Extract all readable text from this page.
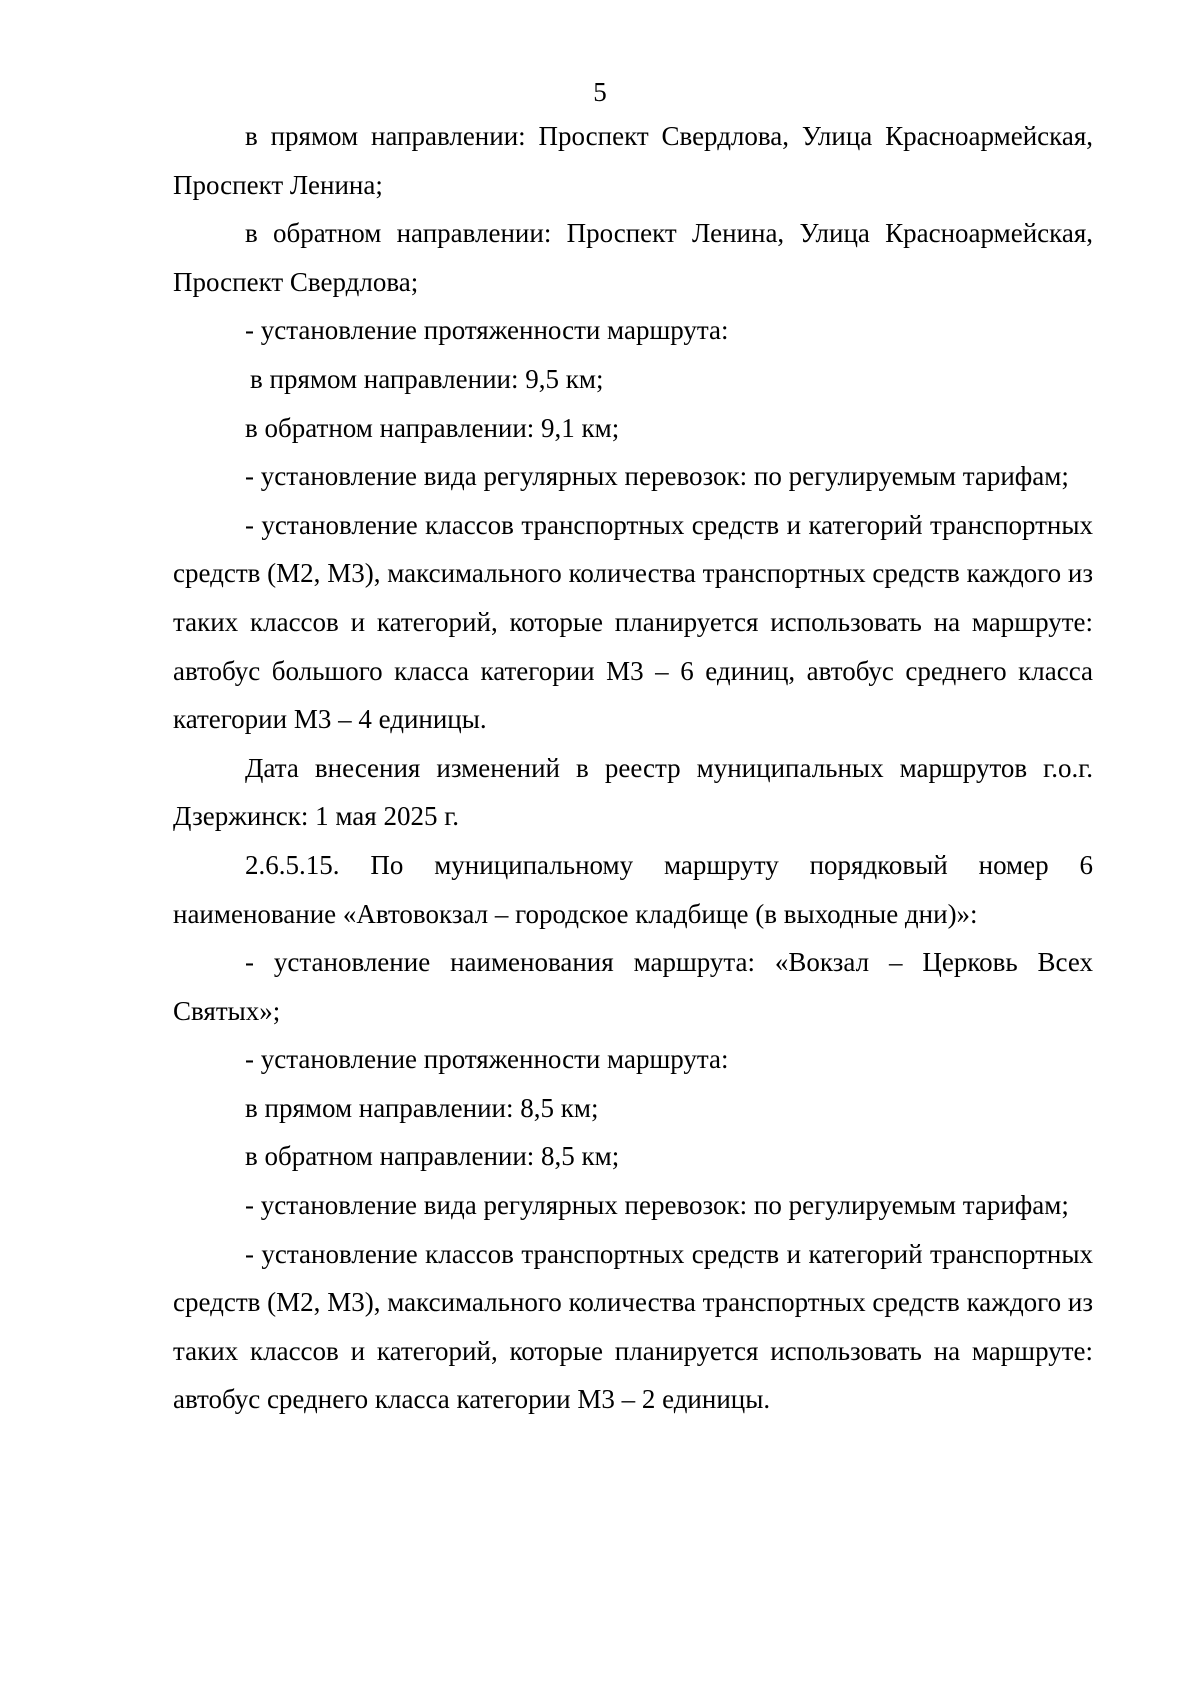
5

в прямом направлении: Проспект Свердлова, Улица Красноармейская, Проспект Ленина;

в обратном направлении: Проспект Ленина, Улица Красноармейская, Проспект Свердлова;

- установление протяженности маршрута:

в прямом направлении: 9,5 км;

в обратном направлении: 9,1 км;

- установление вида регулярных перевозок: по регулируемым тарифам;

- установление классов транспортных средств и категорий транспортных средств (М2, М3), максимального количества транспортных средств каждого из таких классов и категорий, которые планируется использовать на маршруте: автобус большого класса категории М3 – 6 единиц, автобус среднего класса категории М3 – 4 единицы.

Дата внесения изменений в реестр муниципальных маршрутов г.о.г. Дзержинск: 1 мая 2025 г.

2.6.5.15. По муниципальному маршруту порядковый номер 6 наименование «Автовокзал – городское кладбище (в выходные дни)»:

- установление наименования маршрута: «Вокзал – Церковь Всех Святых»;

- установление протяженности маршрута:

в прямом направлении: 8,5 км;

в обратном направлении: 8,5 км;

- установление вида регулярных перевозок: по регулируемым тарифам;

- установление классов транспортных средств и категорий транспортных средств (М2, М3), максимального количества транспортных средств каждого из таких классов и категорий, которые планируется использовать на маршруте: автобус среднего класса категории М3 – 2 единицы.
